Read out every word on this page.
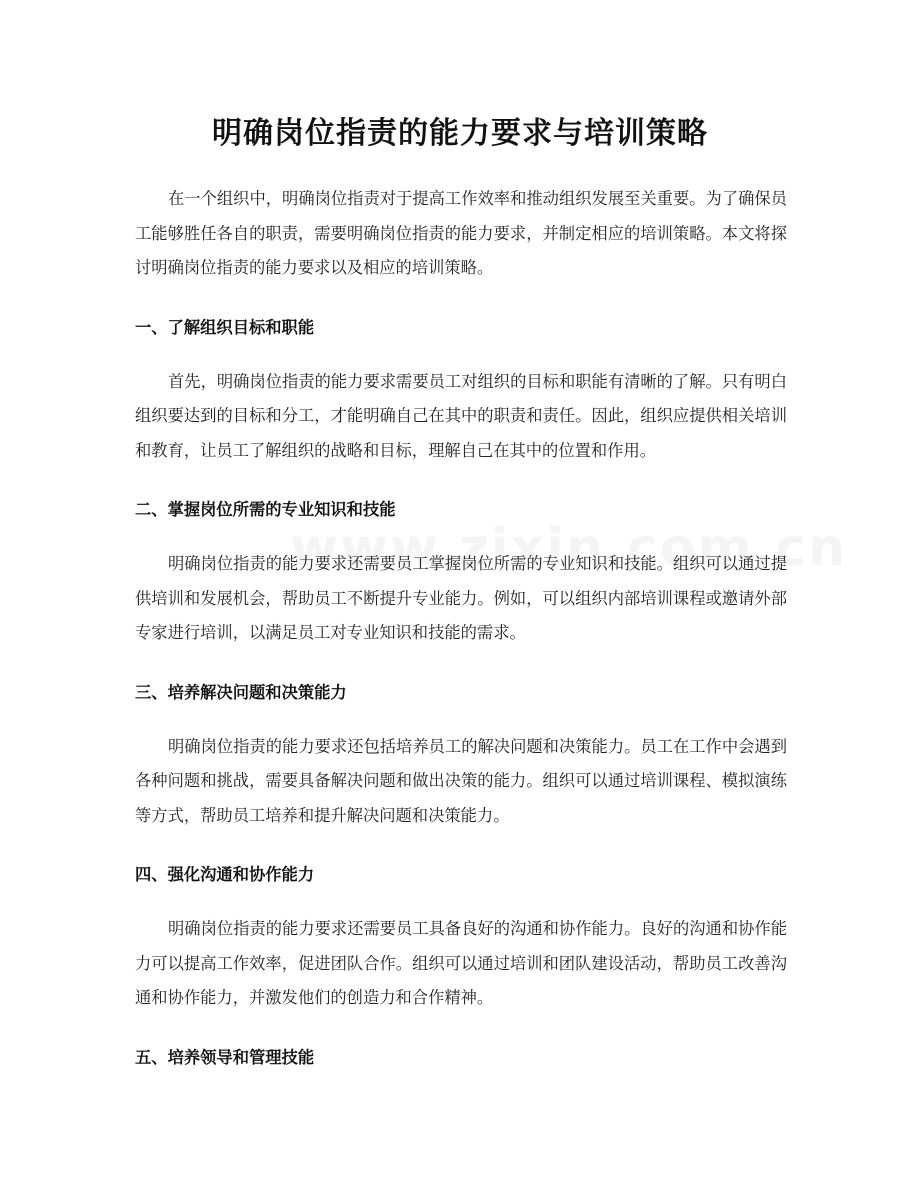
明确岗位指责的能力要求与培训策略

在一个组织中，明确岗位指责对于提高工作效率和推动组织发展至关重要。为了确保员工能够胜任各自的职责，需要明确岗位指责的能力要求，并制定相应的培训策略。本文将探讨明确岗位指责的能力要求以及相应的培训策略。

一、了解组织目标和职能

首先，明确岗位指责的能力要求需要员工对组织的目标和职能有清晰的了解。只有明白组织要达到的目标和分工，才能明确自己在其中的职责和责任。因此，组织应提供相关培训和教育，让员工了解组织的战略和目标，理解自己在其中的位置和作用。

二、掌握岗位所需的专业知识和技能

明确岗位指责的能力要求还需要员工掌握岗位所需的专业知识和技能。组织可以通过提供培训和发展机会，帮助员工不断提升专业能力。例如，可以组织内部培训课程或邀请外部专家进行培训，以满足员工对专业知识和技能的需求。

三、培养解决问题和决策能力

明确岗位指责的能力要求还包括培养员工的解决问题和决策能力。员工在工作中会遇到各种问题和挑战，需要具备解决问题和做出决策的能力。组织可以通过培训课程、模拟演练等方式，帮助员工培养和提升解决问题和决策能力。

四、强化沟通和协作能力

明确岗位指责的能力要求还需要员工具备良好的沟通和协作能力。良好的沟通和协作能力可以提高工作效率，促进团队合作。组织可以通过培训和团队建设活动，帮助员工改善沟通和协作能力，并激发他们的创造力和合作精神。

五、培养领导和管理技能
